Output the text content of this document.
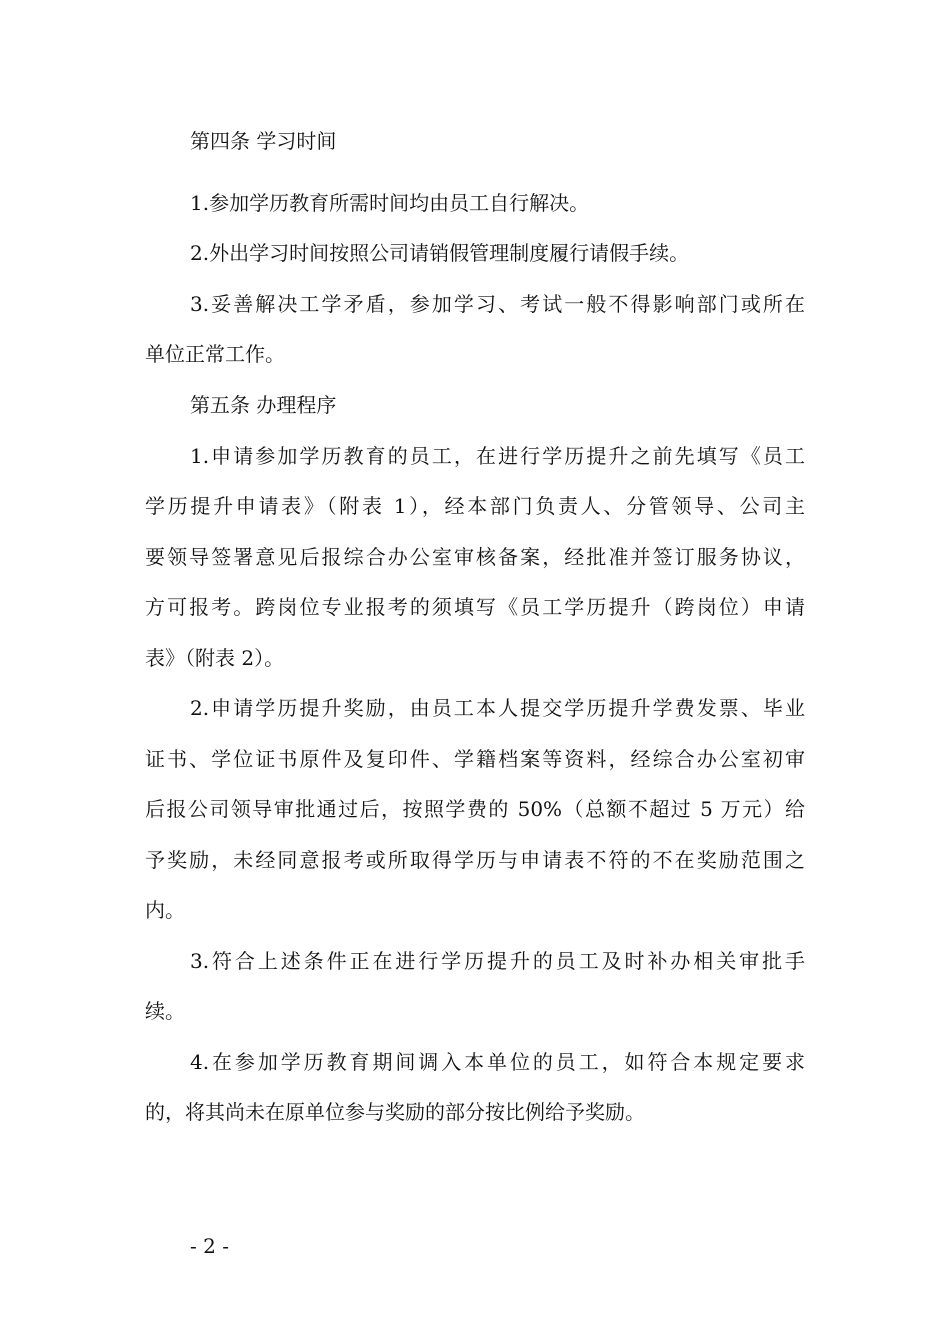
第四条 学习时间
1.参加学历教育所需时间均由员工自行解决。
2.外出学习时间按照公司请销假管理制度履行请假手续。
3.妥善解决工学矛盾，参加学习、考试一般不得影响部门或所在
单位正常工作。
第五条 办理程序
1.申请参加学历教育的员工，在进行学历提升之前先填写《员工
学历提升申请表》（附表 1），经本部门负责人、分管领导、公司主
要领导签署意见后报综合办公室审核备案，经批准并签订服务协议，
方可报考。跨岗位专业报考的须填写《员工学历提升（跨岗位）申请
表》（附表 2）。
2.申请学历提升奖励，由员工本人提交学历提升学费发票、毕业
证书、学位证书原件及复印件、学籍档案等资料，经综合办公室初审
后报公司领导审批通过后，按照学费的 50%（总额不超过 5 万元）给
予奖励，未经同意报考或所取得学历与申请表不符的不在奖励范围之
内。
3.符合上述条件正在进行学历提升的员工及时补办相关审批手
续。
4.在参加学历教育期间调入本单位的员工，如符合本规定要求
的，将其尚未在原单位参与奖励的部分按比例给予奖励。
- 2 -
